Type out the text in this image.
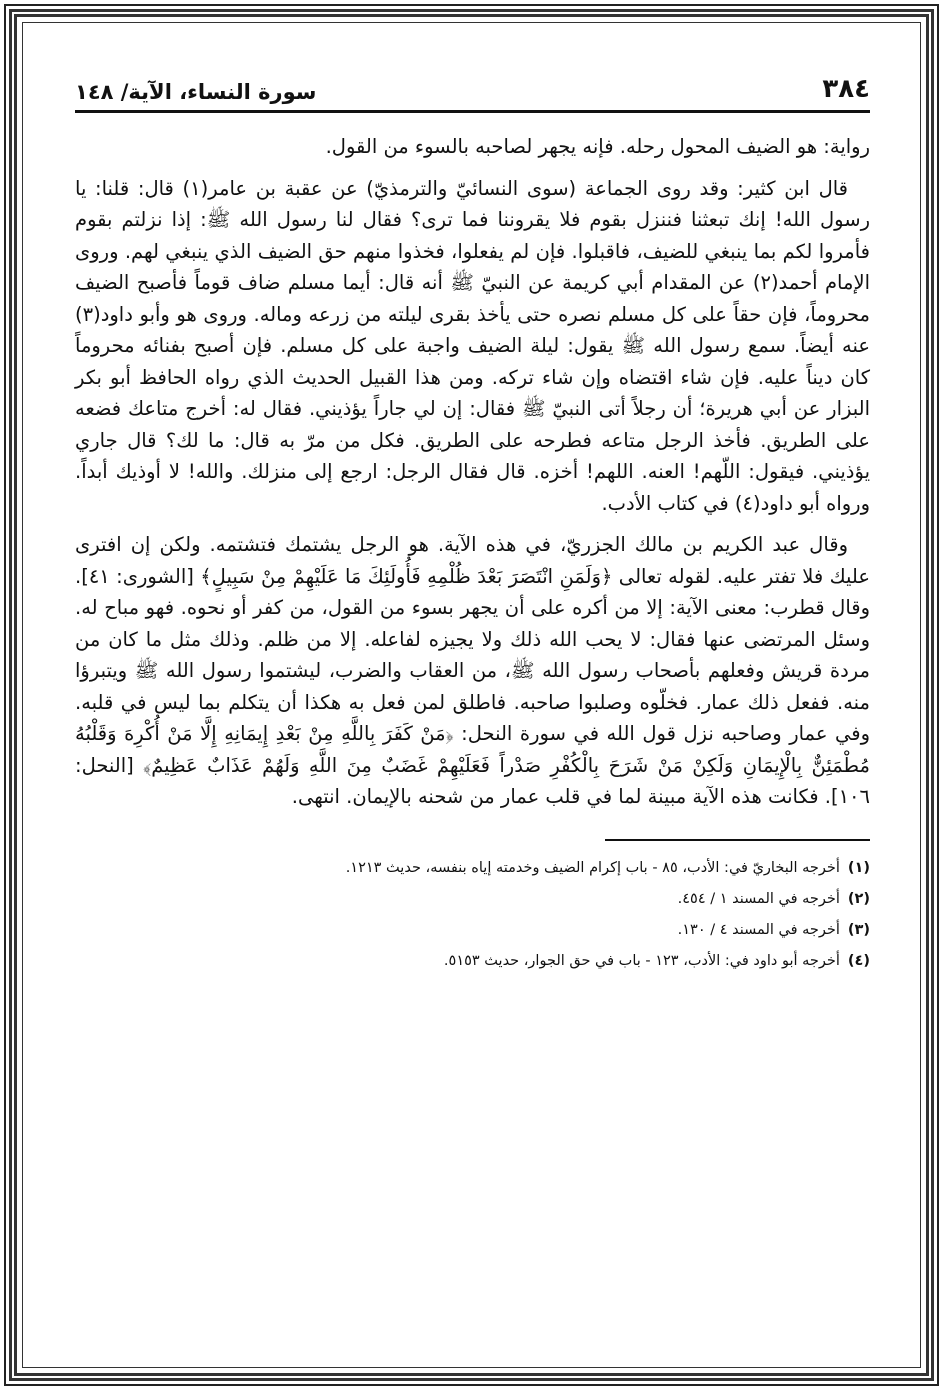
٣٨٤
سورة النساء، الآية/ ١٤٨

رواية: هو الضيف المحول رحله. فإنه يجهر لصاحبه بالسوء من القول.

قال ابن كثير: وقد روى الجماعة (سوى النسائيّ والترمذيّ) عن عقبة بن عامر(١) قال: قلنا: يا رسول الله! إنك تبعثنا فننزل بقوم فلا يقروننا فما ترى؟ فقال لنا رسول الله ﷺ: إذا نزلتم بقوم فأمروا لكم بما ينبغي للضيف، فاقبلوا. فإن لم يفعلوا، فخذوا منهم حق الضيف الذي ينبغي لهم. وروى الإمام أحمد(٢) عن المقدام أبي كريمة عن النبيّ ﷺ أنه قال: أيما مسلم ضاف قوماً فأصبح الضيف محروماً، فإن حقاً على كل مسلم نصره حتى يأخذ بقرى ليلته من زرعه وماله. وروى هو وأبو داود(٣) عنه أيضاً. سمع رسول الله ﷺ يقول: ليلة الضيف واجبة على كل مسلم. فإن أصبح بفنائه محروماً كان ديناً عليه. فإن شاء اقتضاه وإن شاء تركه. ومن هذا القبيل الحديث الذي رواه الحافظ أبو بكر البزار عن أبي هريرة؛ أن رجلاً أتى النبيّ ﷺ فقال: إن لي جاراً يؤذيني. فقال له: أخرج متاعك فضعه على الطريق. فأخذ الرجل متاعه فطرحه على الطريق. فكل من مرّ به قال: ما لك؟ قال جاري يؤذيني. فيقول: اللّهم! العنه. اللهم! أخزه. قال فقال الرجل: ارجع إلى منزلك. والله! لا أوذيك أبداً. ورواه أبو داود(٤) في كتاب الأدب.

وقال عبد الكريم بن مالك الجزريّ، في هذه الآية. هو الرجل يشتمك فتشتمه. ولكن إن افترى عليك فلا تفتر عليه. لقوله تعالى ﴿وَلَمَنِ انْتَصَرَ بَعْدَ ظُلْمِهِ فَأُولَئِكَ مَا عَلَيْهِمْ مِنْ سَبِيلٍ﴾ [الشورى: ٤١]. وقال قطرب: معنى الآية: إلا من أكره على أن يجهر بسوء من القول، من كفر أو نحوه. فهو مباح له. وسئل المرتضى عنها فقال: لا يحب الله ذلك ولا يجيزه لفاعله. إلا من ظلم. وذلك مثل ما كان من مردة قريش وفعلهم بأصحاب رسول الله ﷺ، من العقاب والضرب، ليشتموا رسول الله ﷺ ويتبرؤا منه. ففعل ذلك عمار. فخلّوه وصلبوا صاحبه. فاطلق لمن فعل به هكذا أن يتكلم بما ليس في قلبه. وفي عمار وصاحبه نزل قول الله في سورة النحل: ﴿مَنْ كَفَرَ بِاللَّهِ مِنْ بَعْدِ إِيمَانِهِ إِلَّا مَنْ أُكْرِهَ وَقَلْبُهُ مُطْمَئِنٌّ بِالْإِيمَانِ وَلَكِنْ مَنْ شَرَحَ بِالْكُفْرِ صَدْراً فَعَلَيْهِمْ غَضَبٌ مِنَ اللَّهِ وَلَهُمْ عَذَابٌ عَظِيمٌ﴾ [النحل: ١٠٦]. فكانت هذه الآية مبينة لما في قلب عمار من شحنه بالإيمان. انتهى.

(١)
أخرجه البخاريّ في: الأدب، ٨٥ - باب إكرام الضيف وخدمته إياه بنفسه، حديث ١٢١٣.
(٢)
أخرجه في المسند ١ / ٤٥٤.
(٣)
أخرجه في المسند ٤ / ١٣٠.
(٤)
أخرجه أبو داود في: الأدب، ١٢٣ - باب في حق الجوار، حديث ٥١٥٣.
